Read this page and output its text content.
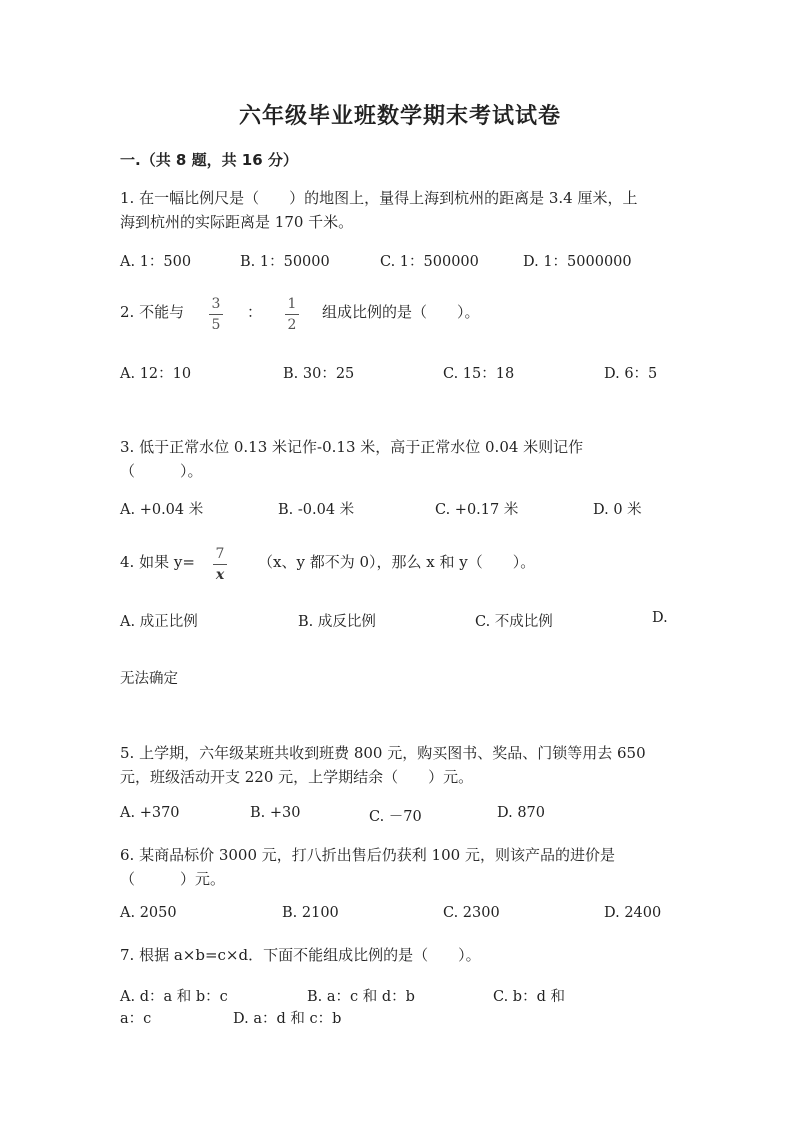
六年级毕业班数学期末考试试卷
一.（共 8 题，共 16 分）
1. 在一幅比例尺是（　　）的地图上，量得上海到杭州的距离是 3.4 厘米，上
海到杭州的实际距离是 170 千米。
A. 1：500	B. 1：50000	C. 1：500000	D. 1：5000000
2. 不能与 3
5
： 1
2
组成比例的是（　　）。
A. 12：10	B. 30：25	C. 15：18	D. 6：5
3. 低于正常水位 0.13 米记作-0.13 米，高于正常水位 0.04 米则记作
（　　　）。
A. +0.04 米	B. -0.04 米	C. +0.17 米	D. 0 米
4. 如果 y= 7
x
（x、y 都不为 0），那么 x 和 y（　　）。
A. 成正比例	B. 成反比例	C. 不成比例	D.
无法确定
5. 上学期，六年级某班共收到班费 800 元，购买图书、奖品、门锁等用去 650
元，班级活动开支 220 元，上学期结余（　　）元。
A. +370	B. +30	C. －70	D. 870
6. 某商品标价 3000 元，打八折出售后仍获利 100 元，则该产品的进价是
（　　　）元。
A. 2050	B. 2100	C. 2300	D. 2400
7. 根据 a×b=c×d．下面不能组成比例的是（　　）。
A. d：a 和 b：c	B. a：c 和 d：b	C. b：d 和
a：c	D. a：d 和 c：b
